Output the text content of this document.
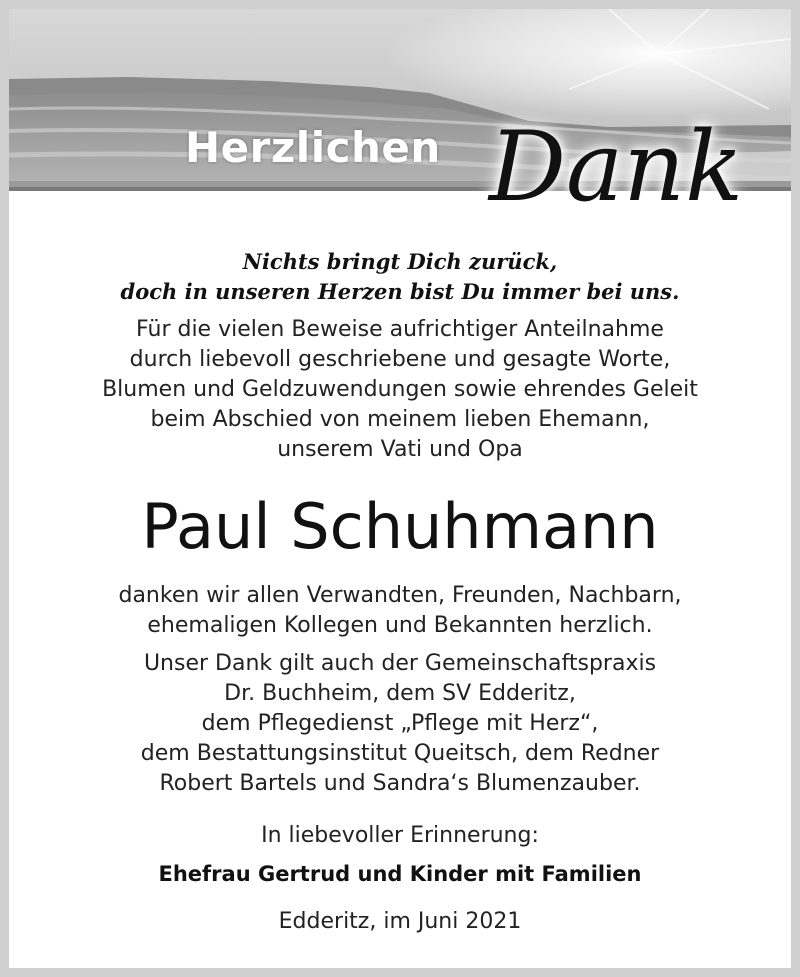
Herzlichen Dank
Nichts bringt Dich zurück,
doch in unseren Herzen bist Du immer bei uns.
Für die vielen Beweise aufrichtiger Anteilnahme
durch liebevoll geschriebene und gesagte Worte,
Blumen und Geldzuwendungen sowie ehrendes Geleit
beim Abschied von meinem lieben Ehemann,
unserem Vati und Opa
Paul Schuhmann
danken wir allen Verwandten, Freunden, Nachbarn,
ehemaligen Kollegen und Bekannten herzlich.
Unser Dank gilt auch der Gemeinschaftspraxis
Dr. Buchheim, dem SV Edderitz,
dem Pflegedienst „Pflege mit Herz“,
dem Bestattungsinstitut Queitsch, dem Redner
Robert Bartels und Sandra‘s Blumenzauber.
In liebevoller Erinnerung:
Ehefrau Gertrud und Kinder mit Familien
Edderitz, im Juni 2021
